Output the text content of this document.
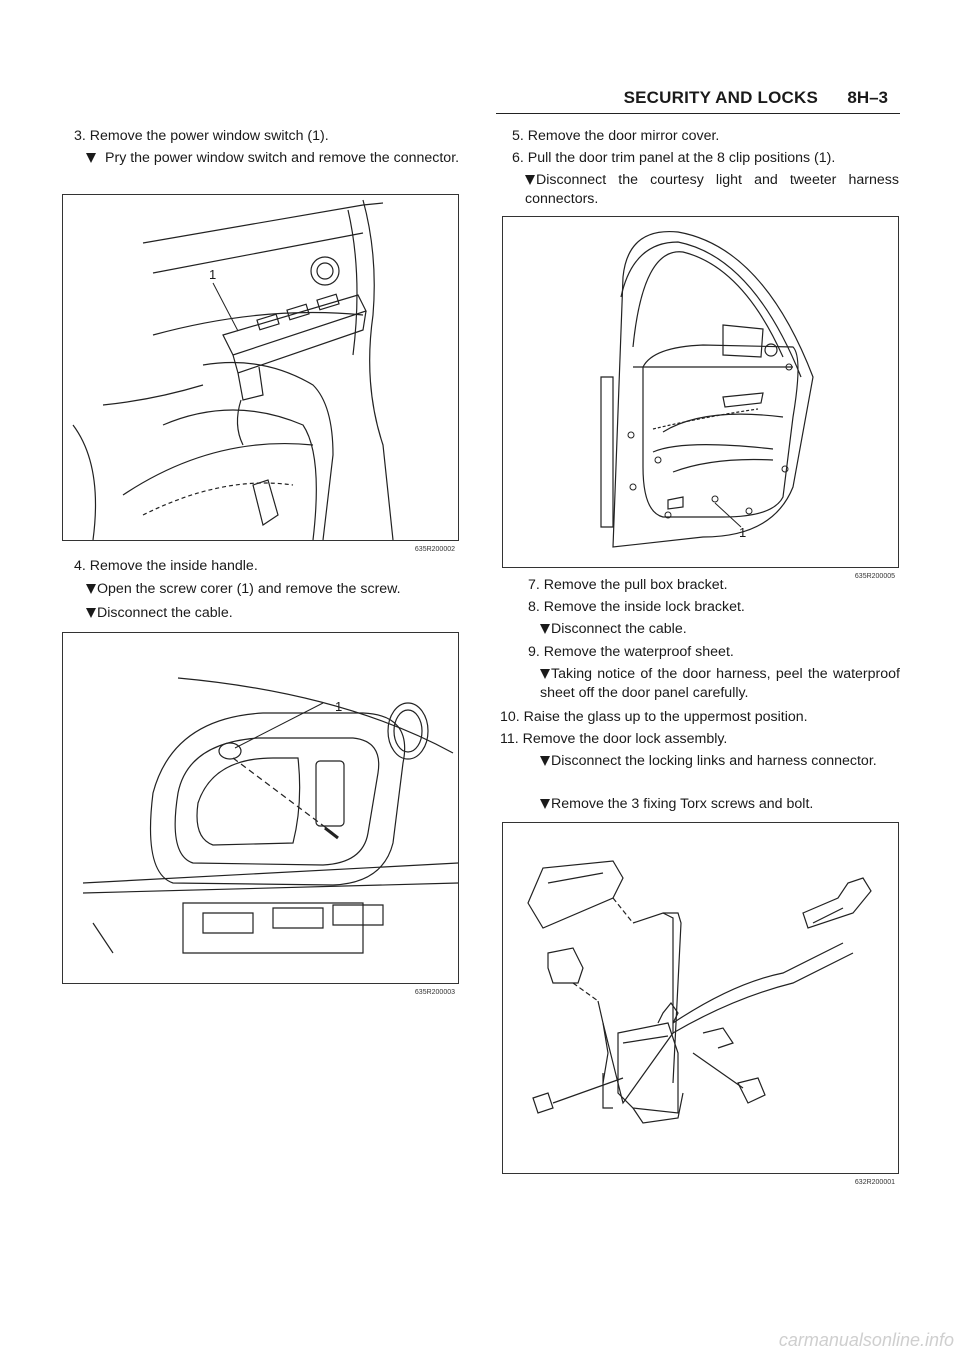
SECURITY AND LOCKS 8H–3
3. Remove the power window switch (1).
Pry the power window switch and remove the connector.
1
635R200002
4. Remove the inside handle.
Open the screw corer (1) and remove the screw.
Disconnect the cable.
1
635R200003
5. Remove the door mirror cover.
6. Pull the door trim panel at the 8 clip positions (1).
Disconnect the courtesy light and tweeter harness connectors.
1
635R200005
7. Remove the pull box bracket.
8. Remove the inside lock bracket.
Disconnect the cable.
9. Remove the waterproof sheet.
Taking notice of the door harness, peel the waterproof sheet off the door panel carefully.
10. Raise the glass up to the uppermost position.
11. Remove the door lock assembly.
Disconnect the locking links and harness connector.
Remove the 3 fixing Torx screws and bolt.
632R200001
carmanualsonline.info
